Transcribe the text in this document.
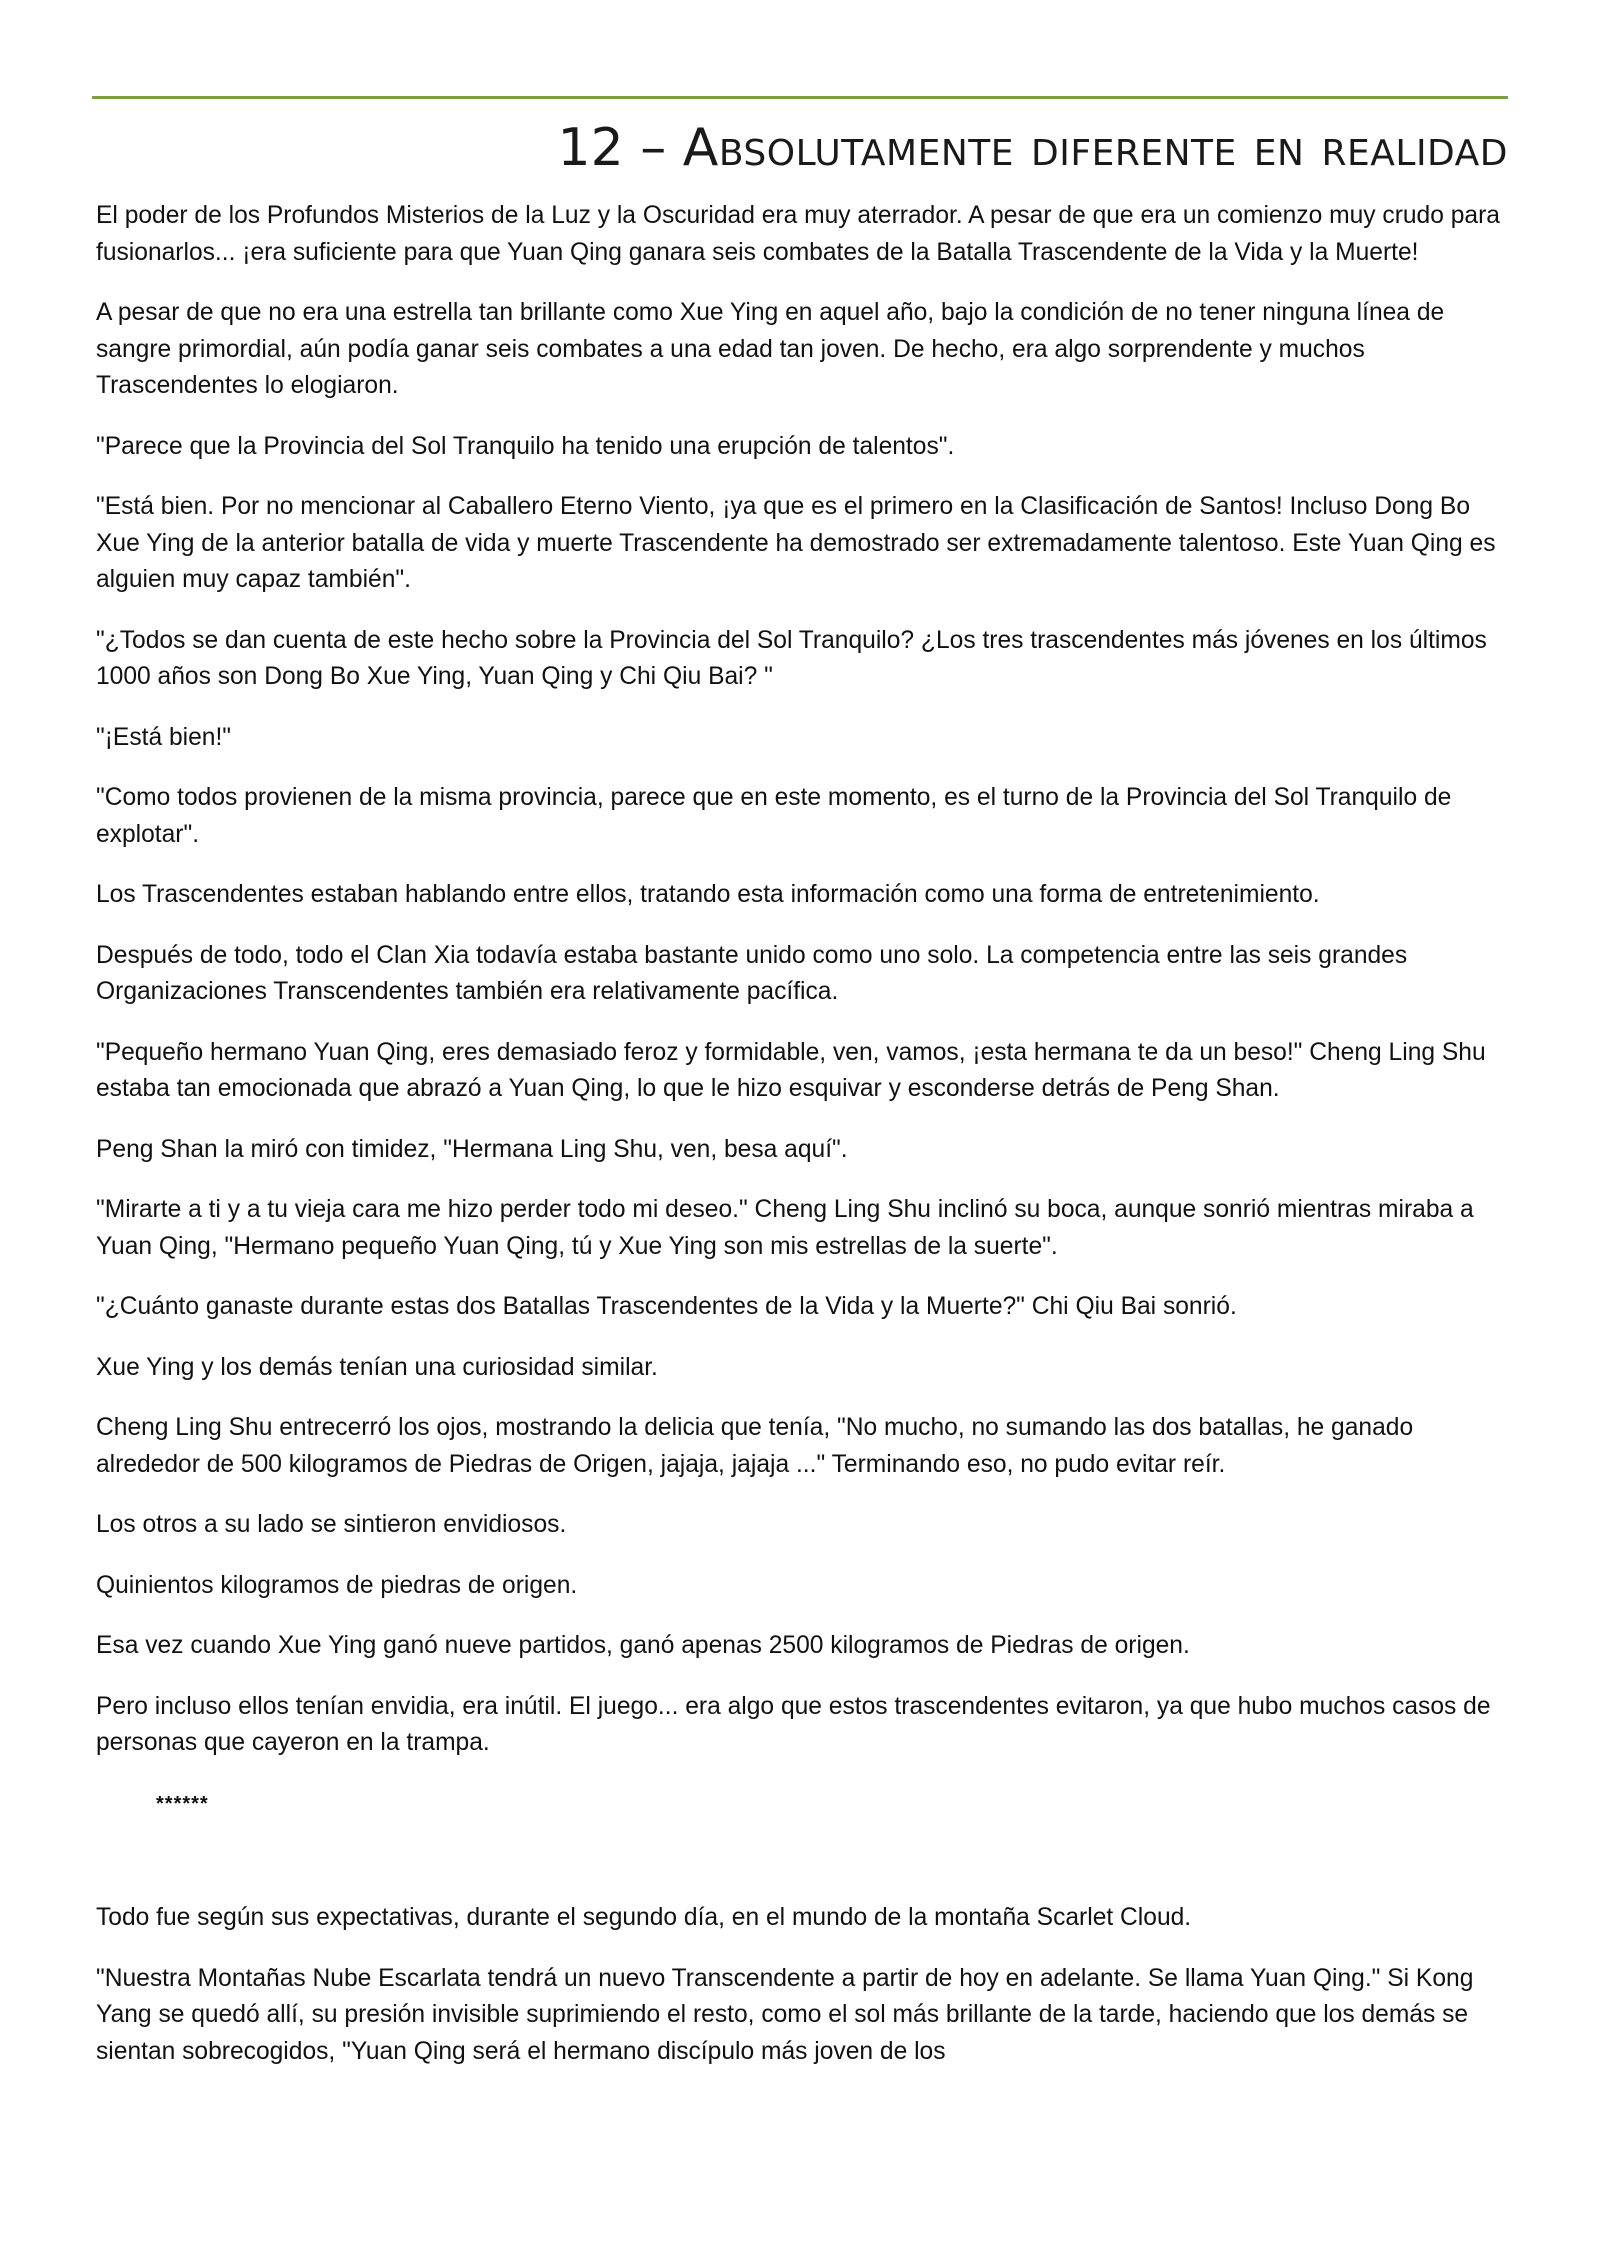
12 – Absolutamente diferente en realidad

El poder de los Profundos Misterios de la Luz y la Oscuridad era muy aterrador. A pesar de que era un comienzo muy crudo para fusionarlos... ¡era suficiente para que Yuan Qing ganara seis combates de la Batalla Trascendente de la Vida y la Muerte!

A pesar de que no era una estrella tan brillante como Xue Ying en aquel año, bajo la condición de no tener ninguna línea de sangre primordial, aún podía ganar seis combates a una edad tan joven. De hecho, era algo sorprendente y muchos Trascendentes lo elogiaron.

"Parece que la Provincia del Sol Tranquilo ha tenido una erupción de talentos".

"Está bien. Por no mencionar al Caballero Eterno Viento, ¡ya que es el primero en la Clasificación de Santos! Incluso Dong Bo Xue Ying de la anterior batalla de vida y muerte Trascendente ha demostrado ser extremadamente talentoso. Este Yuan Qing es alguien muy capaz también".

"¿Todos se dan cuenta de este hecho sobre la Provincia del Sol Tranquilo? ¿Los tres trascendentes más jóvenes en los últimos 1000 años son Dong Bo Xue Ying, Yuan Qing y Chi Qiu Bai? "

"¡Está bien!"

"Como todos provienen de la misma provincia, parece que en este momento, es el turno de la Provincia del Sol Tranquilo de explotar".

Los Trascendentes estaban hablando entre ellos, tratando esta información como una forma de entretenimiento.

Después de todo, todo el Clan Xia todavía estaba bastante unido como uno solo. La competencia entre las seis grandes Organizaciones Transcendentes también era relativamente pacífica.

"Pequeño hermano Yuan Qing, eres demasiado feroz y formidable, ven, vamos, ¡esta hermana te da un beso!" Cheng Ling Shu estaba tan emocionada que abrazó a Yuan Qing, lo que le hizo esquivar y esconderse detrás de Peng Shan.

Peng Shan la miró con timidez, "Hermana Ling Shu, ven, besa aquí".

"Mirarte a ti y a tu vieja cara me hizo perder todo mi deseo." Cheng Ling Shu inclinó su boca, aunque sonrió mientras miraba a Yuan Qing, "Hermano pequeño Yuan Qing, tú y Xue Ying son mis estrellas de la suerte".

"¿Cuánto ganaste durante estas dos Batallas Trascendentes de la Vida y la Muerte?" Chi Qiu Bai sonrió.

Xue Ying y los demás tenían una curiosidad similar.

Cheng Ling Shu entrecerró los ojos, mostrando la delicia que tenía, "No mucho, no sumando las dos batallas, he ganado alrededor de 500 kilogramos de Piedras de Origen, jajaja, jajaja ..." Terminando eso, no pudo evitar reír.

Los otros a su lado se sintieron envidiosos.

Quinientos kilogramos de piedras de origen.

Esa vez cuando Xue Ying ganó nueve partidos, ganó apenas 2500 kilogramos de Piedras de origen.

Pero incluso ellos tenían envidia, era inútil. El juego... era algo que estos trascendentes evitaron, ya que hubo muchos casos de personas que cayeron en la trampa.

******

Todo fue según sus expectativas, durante el segundo día, en el mundo de la montaña Scarlet Cloud.

"Nuestra Montañas Nube Escarlata tendrá un nuevo Transcendente a partir de hoy en adelante. Se llama Yuan Qing." Si Kong Yang se quedó allí, su presión invisible suprimiendo el resto, como el sol más brillante de la tarde, haciendo que los demás se sientan sobrecogidos, "Yuan Qing será el hermano discípulo más joven de los
